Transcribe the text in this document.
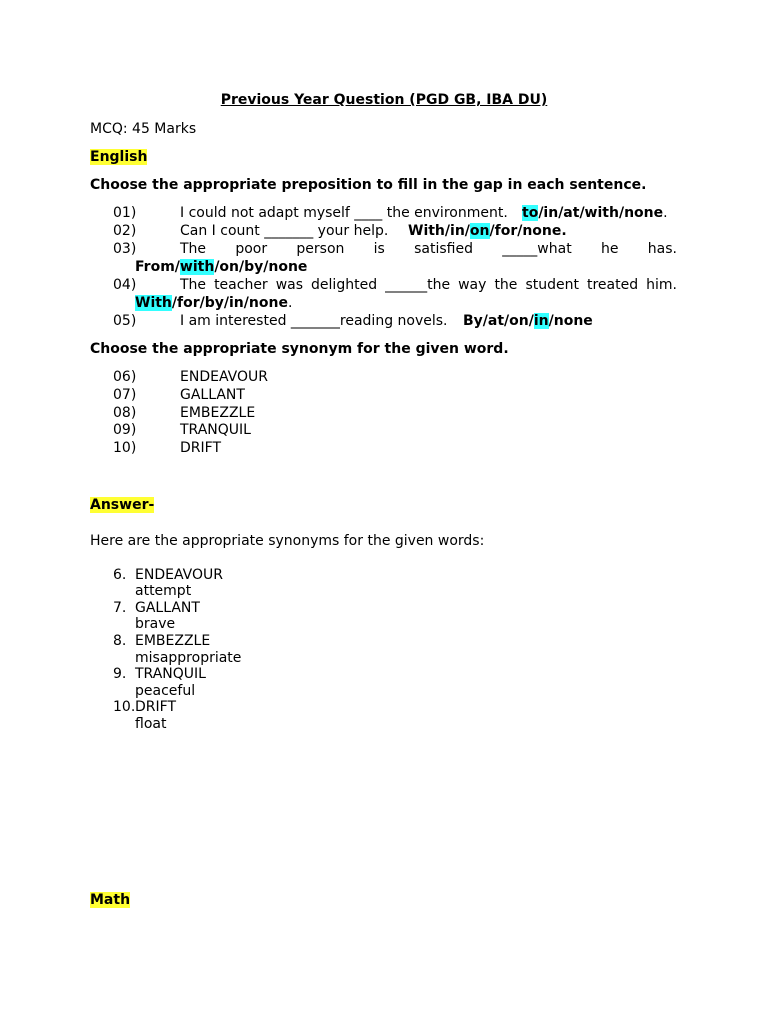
Previous Year Question (PGD GB, IBA DU)
MCQ: 45 Marks
English
Choose the appropriate preposition to fill in the gap in each sentence.
01)	I could not adapt myself ____ the environment. to/in/at/with/none.
02)	Can I count _______ your help. With/in/on/for/none.
03)	The poor person is satisfied _____what he has.
From/with/on/by/none
04)	The teacher was delighted ______the way the student treated him.
With/for/by/in/none.
05)	I am interested _______reading novels. By/at/on/in/none
Choose the appropriate synonym for the given word.
06)	ENDEAVOUR
07)	GALLANT
08)	EMBEZZLE
09)	TRANQUIL
10)	DRIFT
Answer-
Here are the appropriate synonyms for the given words:
6. ENDEAVOUR
attempt
7. GALLANT
brave
8. EMBEZZLE
misappropriate
9. TRANQUIL
peaceful
10. DRIFT
float
Math
